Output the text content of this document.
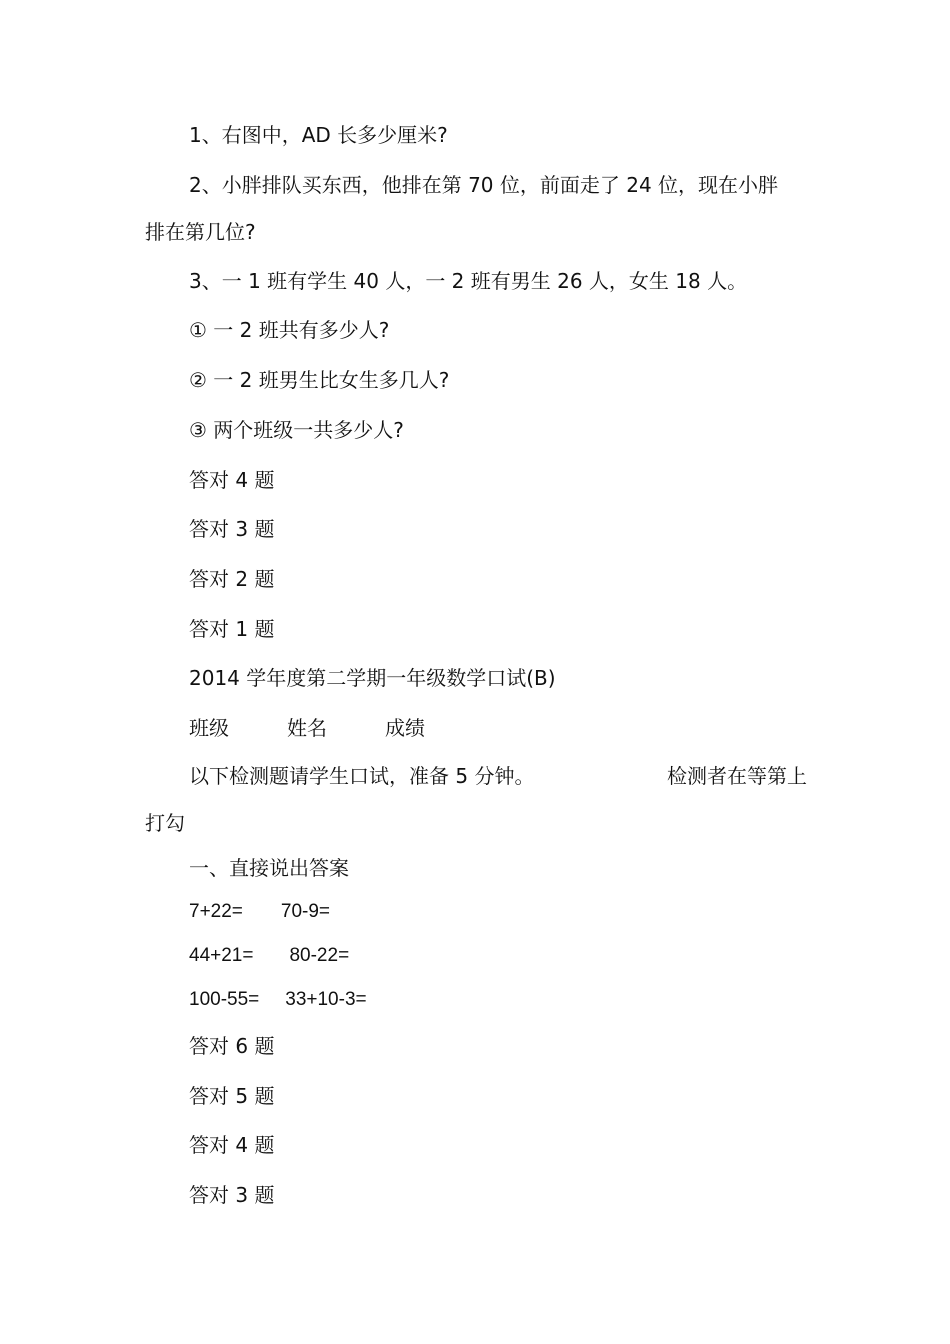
1、右图中，AD 长多少厘米?
2、小胖排队买东西，他排在第 70 位，前面走了 24 位，现在小胖
排在第几位?
3、一 1 班有学生 40 人，一 2 班有男生 26 人，女生 18 人。
① 一 2 班共有多少人?
② 一 2 班男生比女生多几人?
③ 两个班级一共多少人?
答对 4 题
答对 3 题
答对 2 题
答对 1 题
2014 学年度第二学期一年级数学口试(B)
班级	姓名	成绩
以下检测题请学生口试，准备 5 分钟。	检测者在等第上
打勾
一、直接说出答案
7+22= 70-9=
44+21= 80-22=
100-55= 33+10-3=
答对 6 题
答对 5 题
答对 4 题
答对 3 题
